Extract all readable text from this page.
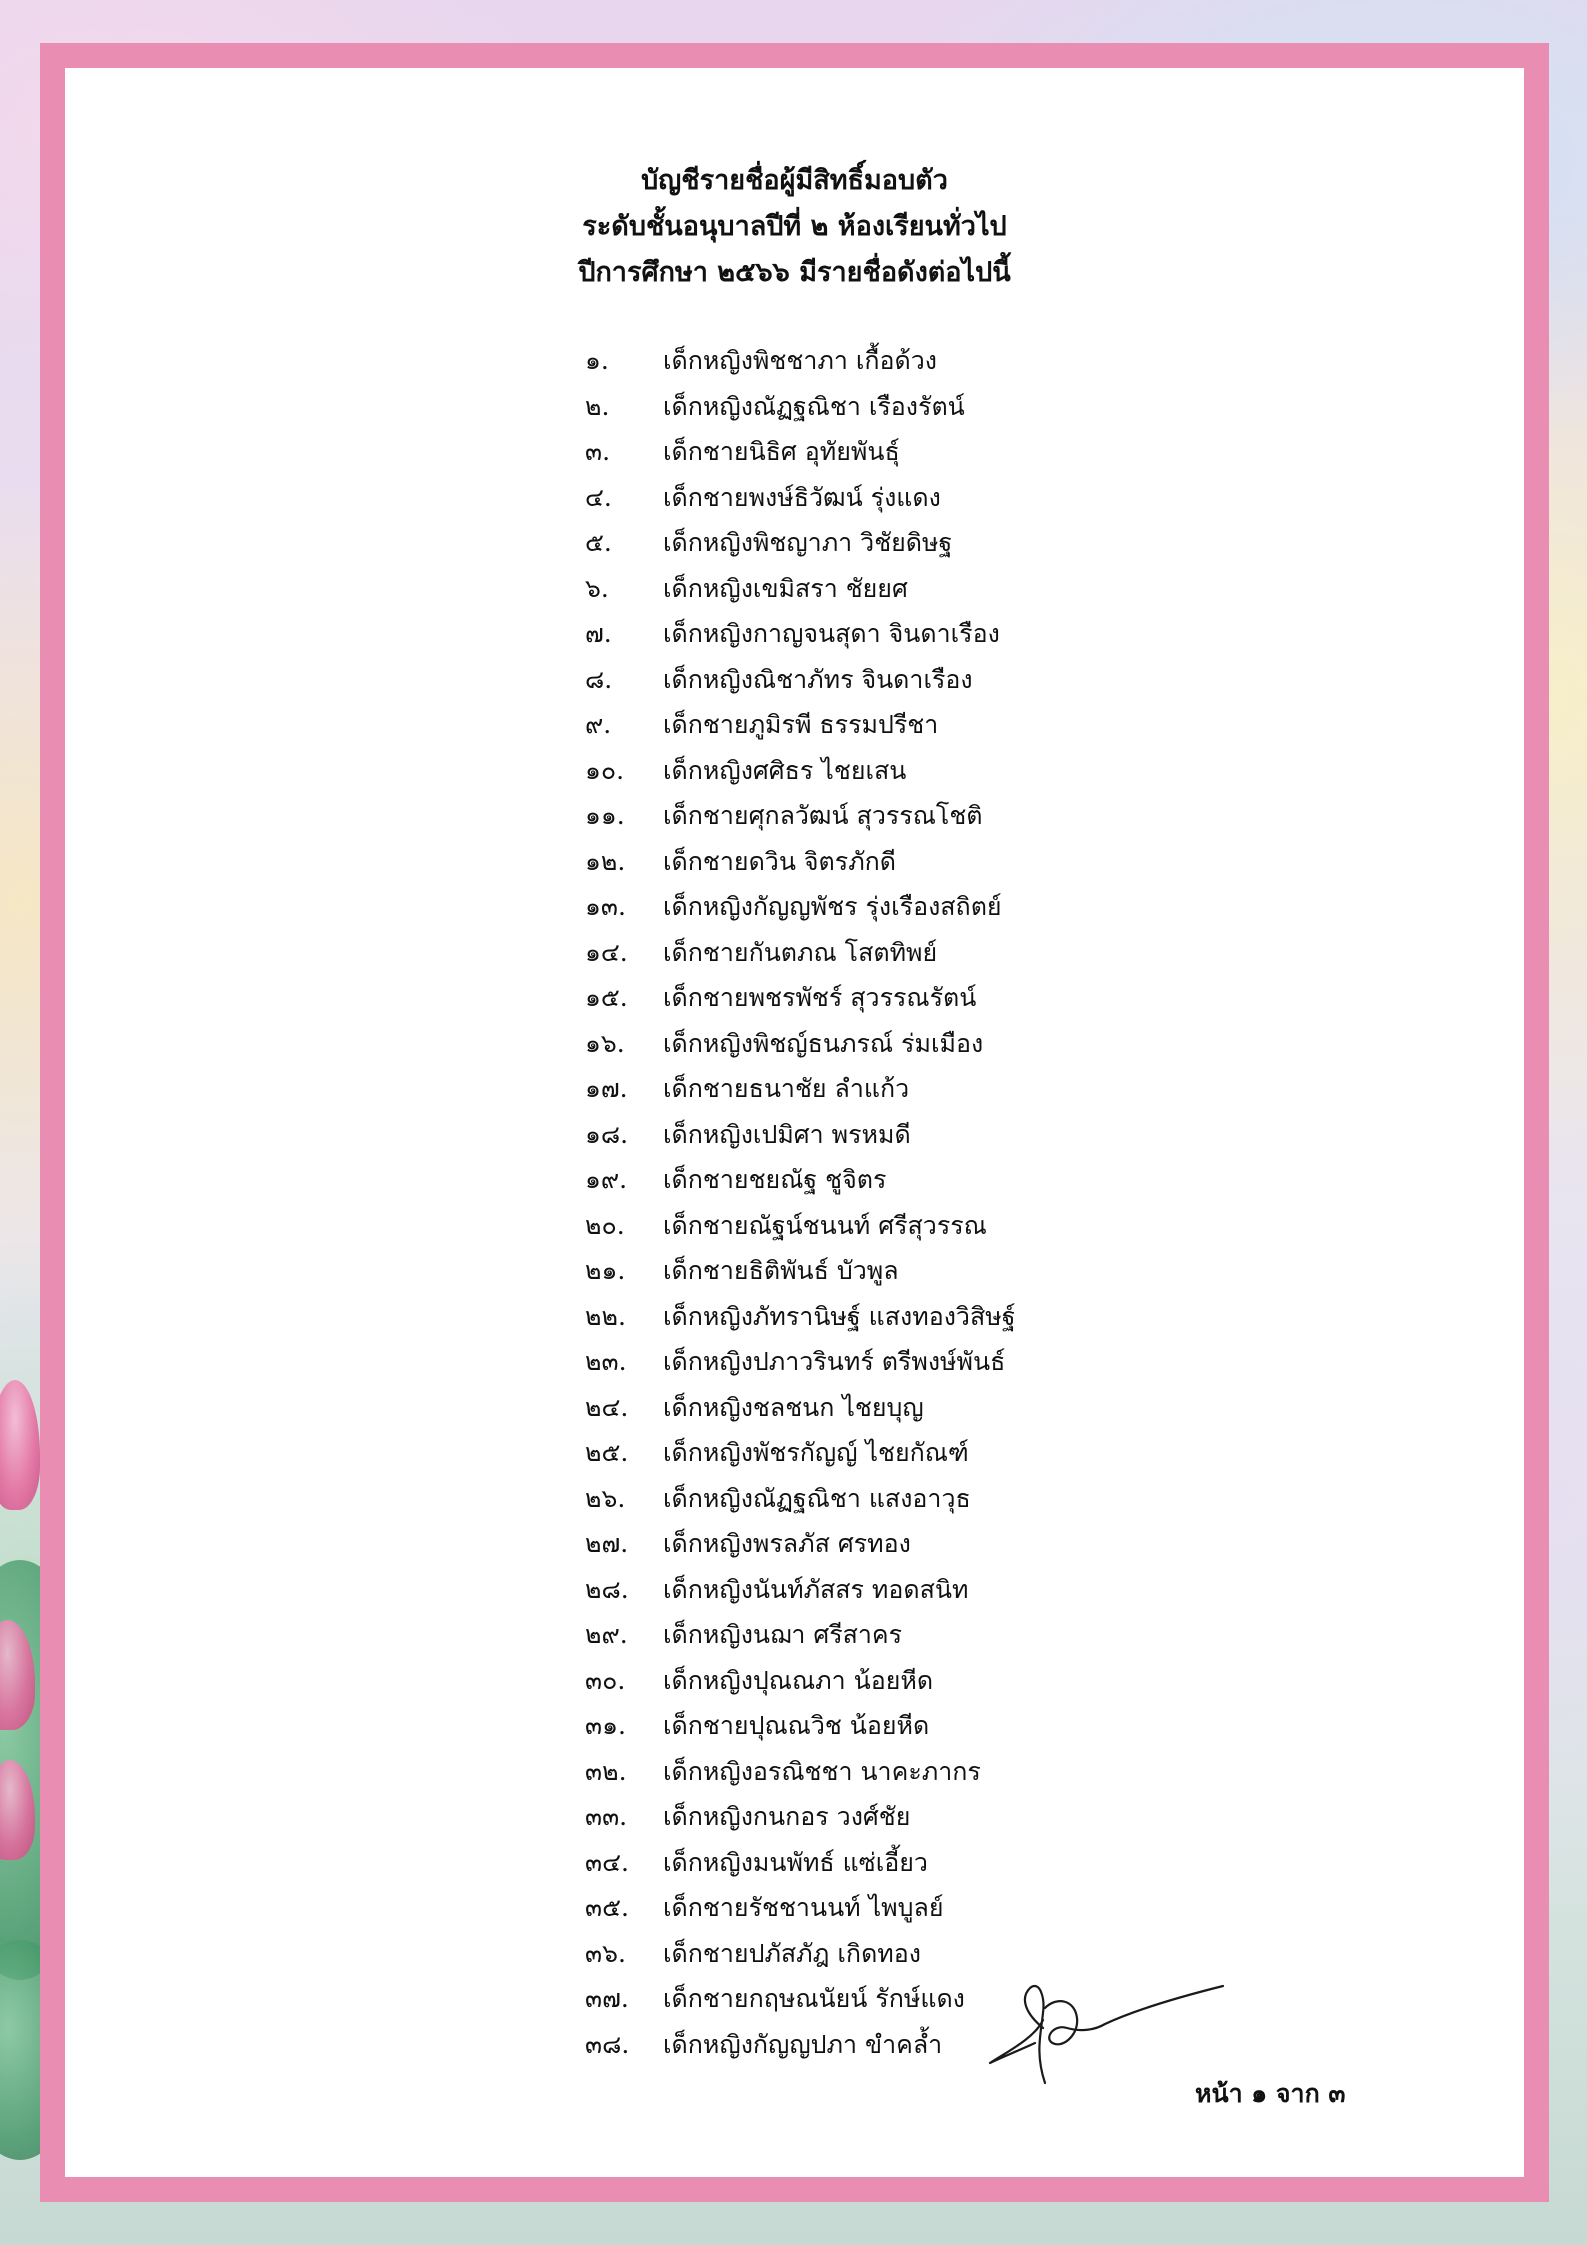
บัญชีรายชื่อผู้มีสิทธิ์มอบตัว
ระดับชั้นอนุบาลปีที่ ๒ ห้องเรียนทั่วไป
ปีการศึกษา ๒๕๖๖ มีรายชื่อดังต่อไปนี้
๑. เด็กหญิงพิชชาภา เกื้อด้วง
๒. เด็กหญิงณัฏฐณิชา เรืองรัตน์
๓. เด็กชายนิธิศ อุทัยพันธุ์
๔. เด็กชายพงษ์ธิวัฒน์ รุ่งแดง
๕. เด็กหญิงพิชญาภา วิชัยดิษฐ
๖. เด็กหญิงเขมิสรา ชัยยศ
๗. เด็กหญิงกาญจนสุดา จินดาเรือง
๘. เด็กหญิงณิชาภัทร จินดาเรือง
๙. เด็กชายภูมิรพี ธรรมปรีชา
๑๐. เด็กหญิงศศิธร ไชยเสน
๑๑. เด็กชายศุกลวัฒน์ สุวรรณโชติ
๑๒. เด็กชายดวิน จิตรภักดี
๑๓. เด็กหญิงกัญญพัชร รุ่งเรืองสถิตย์
๑๔. เด็กชายกันตภณ โสตทิพย์
๑๕. เด็กชายพชรพัชร์ สุวรรณรัตน์
๑๖. เด็กหญิงพิชญ์ธนภรณ์ ร่มเมือง
๑๗. เด็กชายธนาชัย ลำแก้ว
๑๘. เด็กหญิงเปมิศา พรหมดี
๑๙. เด็กชายชยณัฐ ชูจิตร
๒๐. เด็กชายณัฐน์ชนนท์ ศรีสุวรรณ
๒๑. เด็กชายธิติพันธ์ บัวพูล
๒๒. เด็กหญิงภัทรานิษฐ์ แสงทองวิสิษฐ์
๒๓. เด็กหญิงปภาวรินทร์ ตรีพงษ์พันธ์
๒๔. เด็กหญิงชลชนก ไชยบุญ
๒๕. เด็กหญิงพัชรกัญญ์ ไชยกัณฑ์
๒๖. เด็กหญิงณัฏฐณิชา แสงอาวุธ
๒๗. เด็กหญิงพรลภัส ศรทอง
๒๘. เด็กหญิงนันท์ภัสสร ทอดสนิท
๒๙. เด็กหญิงนฌา ศรีสาคร
๓๐. เด็กหญิงปุณณภา น้อยหีด
๓๑. เด็กชายปุณณวิช น้อยหีด
๓๒. เด็กหญิงอรณิชชา นาคะภากร
๓๓. เด็กหญิงกนกอร วงศ์ชัย
๓๔. เด็กหญิงมนพัทธ์ แซ่เอี้ยว
๓๕. เด็กชายรัชชานนท์ ไพบูลย์
๓๖. เด็กชายปภัสภัฎ เกิดทอง
๓๗. เด็กชายกฤษณนัยน์ รักษ์แดง
๓๘. เด็กหญิงกัญญปภา ขำคล้ำ
หน้า ๑ จาก ๓
